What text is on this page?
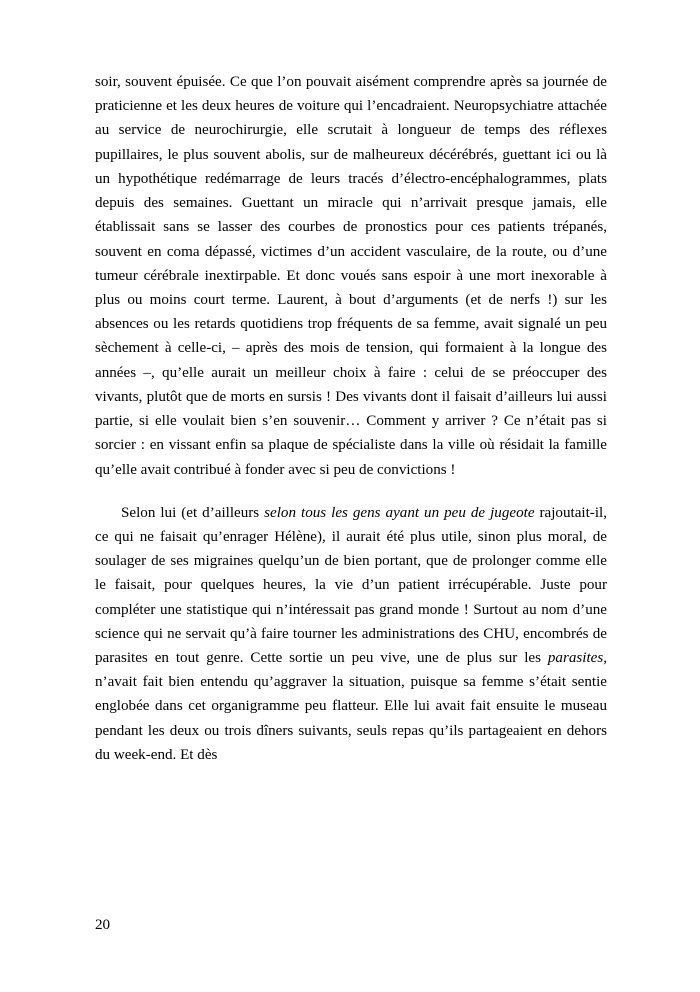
soir, souvent épuisée. Ce que l’on pouvait aisément comprendre après sa journée de praticienne et les deux heures de voiture qui l’encadraient. Neuropsychiatre attachée au service de neurochirurgie, elle scrutait à longueur de temps des réflexes pupillaires, le plus souvent abolis, sur de malheureux décérébrés, guettant ici ou là un hypothétique redémarrage de leurs tracés d’électro-encéphalogrammes, plats depuis des semaines. Guettant un miracle qui n’arrivait presque jamais, elle établissait sans se lasser des courbes de pronostics pour ces patients trépanés, souvent en coma dépassé, victimes d’un accident vasculaire, de la route, ou d’une tumeur cérébrale inextirpable. Et donc voués sans espoir à une mort inexorable à plus ou moins court terme. Laurent, à bout d’arguments (et de nerfs !) sur les absences ou les retards quotidiens trop fréquents de sa femme, avait signalé un peu sèchement à celle-ci, – après des mois de tension, qui formaient à la longue des années –, qu’elle aurait un meilleur choix à faire : celui de se préoccuper des vivants, plutôt que de morts en sursis ! Des vivants dont il faisait d’ailleurs lui aussi partie, si elle voulait bien s’en souvenir… Comment y arriver ? Ce n’était pas si sorcier : en vissant enfin sa plaque de spécialiste dans la ville où résidait la famille qu’elle avait contribué à fonder avec si peu de convictions !

Selon lui (et d’ailleurs selon tous les gens ayant un peu de jugeote rajoutait-il, ce qui ne faisait qu’enrager Hélène), il aurait été plus utile, sinon plus moral, de soulager de ses migraines quelqu’un de bien portant, que de prolonger comme elle le faisait, pour quelques heures, la vie d’un patient irrécupérable. Juste pour compléter une statistique qui n’intéressait pas grand monde ! Surtout au nom d’une science qui ne servait qu’à faire tourner les administrations des CHU, encombrés de parasites en tout genre. Cette sortie un peu vive, une de plus sur les parasites, n’avait fait bien entendu qu’aggraver la situation, puisque sa femme s’était sentie englobée dans cet organigramme peu flatteur. Elle lui avait fait ensuite le museau pendant les deux ou trois dîners suivants, seuls repas qu’ils partageaient en dehors du week-end. Et dès

20
